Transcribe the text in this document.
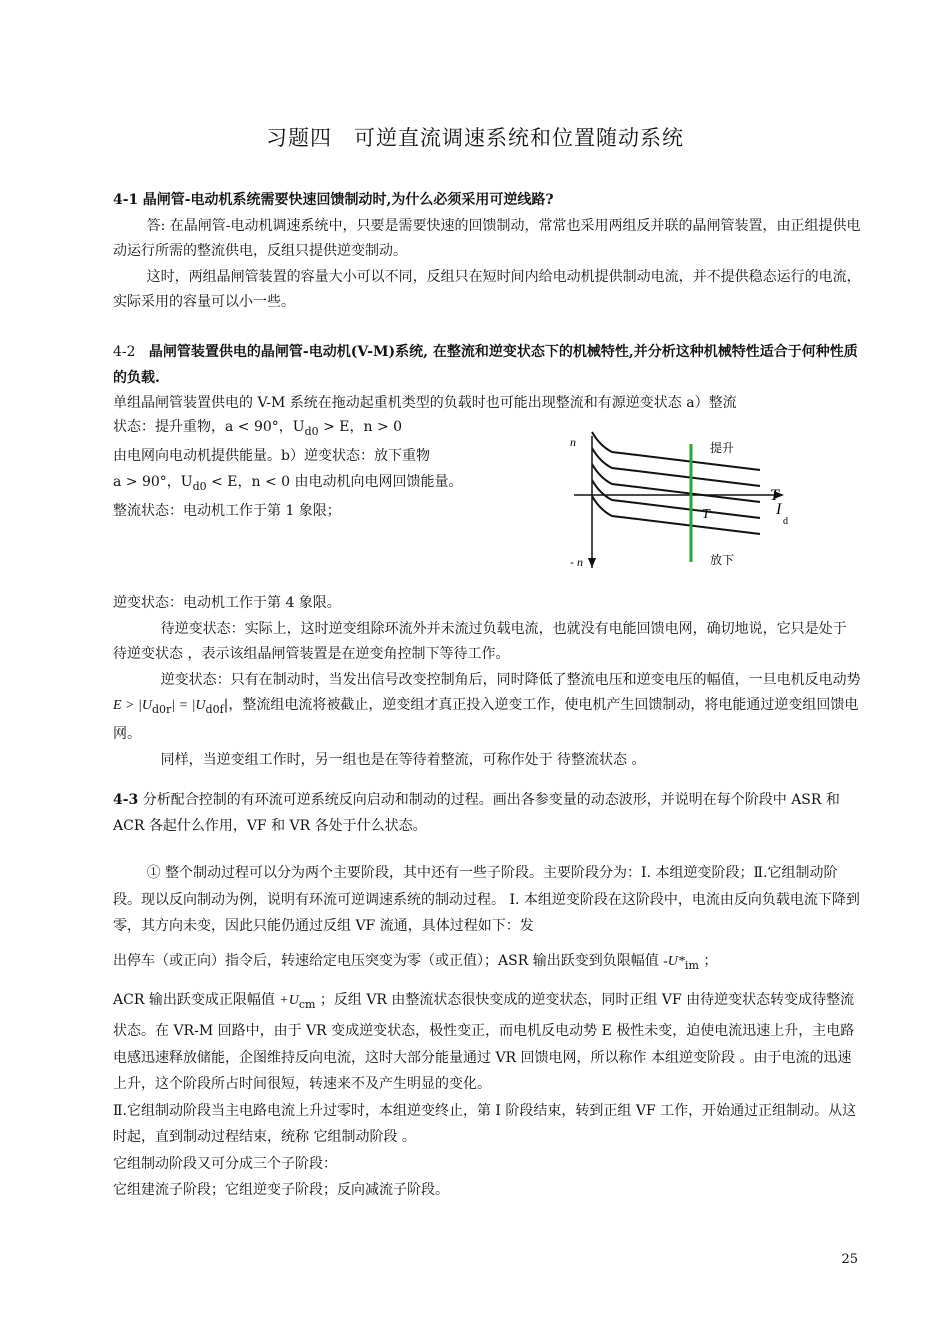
习题四　可逆直流调速系统和位置随动系统

4-1 晶闸管-电动机系统需要快速回馈制动时,为什么必须采用可逆线路?

答: 在晶闸管-电动机调速系统中，只要是需要快速的回馈制动，常常也采用两组反并联的晶闸管装置，由正组提供电动运行所需的整流供电，反组只提供逆变制动。

这时，两组晶闸管装置的容量大小可以不同，反组只在短时间内给电动机提供制动电流，并不提供稳态运行的电流，实际采用的容量可以小一些。

4-2 晶闸管装置供电的晶闸管-电动机(V-M)系统, 在整流和逆变状态下的机械特性,并分析这种机械特性适合于何种性质的负载.

单组晶闸管装置供电的 V-M 系统在拖动起重机类型的负载时也可能出现整流和有源逆变状态 a）整流

状态：提升重物，a < 90°，$U_{d0} > E$，n > 0

由电网向电动机提供能量。b）逆变状态：放下重物

a > 90°，$U_{d0} < E$，n < 0 由电动机向电网回馈能量。

整流状态：电动机工作于第 1 象限；

n
- n
提升
放下
T
T	I
d

逆变状态：电动机工作于第 4 象限。

待逆变状态：实际上，这时逆变组除环流外并未流过负载电流，也就没有电能回馈电网，确切地说，它只是处于 待逆变状态 ，表示该组晶闸管装置是在逆变角控制下等待工作。

逆变状态：只有在制动时，当发出信号改变控制角后，同时降低了整流电压和逆变电压的幅值，一旦电机反电动势 $E > |U_{d0r}| = |U_{d0f}|$，整流组电流将被截止，逆变组才真正投入逆变工作，使电机产生回馈制动，将电能通过逆变组回馈电网。

同样，当逆变组工作时，另一组也是在等待着整流，可称作处于 待整流状态 。

4-3 分析配合控制的有环流可逆系统反向启动和制动的过程。画出各参变量的动态波形，并说明在每个阶段中 ASR 和 ACR 各起什么作用，VF 和 VR 各处于什么状态。

① 整个制动过程可以分为两个主要阶段，其中还有一些子阶段。主要阶段分为：I. 本组逆变阶段；Ⅱ.它组制动阶段。现以反向制动为例，说明有环流可逆调速系统的制动过程。 I. 本组逆变阶段在这阶段中，电流由反向负载电流下降到零，其方向未变，因此只能仍通过反组 VF 流通，具体过程如下：发

出停车（或正向）指令后，转速给定电压突变为零（或正值）；ASR 输出跃变到负限幅值 $-U*_{im}$ ；

ACR 输出跃变成正限幅值 $+U_{cm}$ ；反组 VR 由整流状态很快变成的逆变状态，同时正组 VF 由待逆变状态转变成待整流状态。在 VR-M 回路中，由于 VR 变成逆变状态，极性变正，而电机反电动势 E 极性未变，迫使电流迅速上升，主电路电感迅速释放储能，企图维持反向电流，这时大部分能量通过 VR 回馈电网，所以称作 本组逆变阶段 。由于电流的迅速上升，这个阶段所占时间很短，转速来不及产生明显的变化。

Ⅱ.它组制动阶段当主电路电流上升过零时，本组逆变终止，第 I 阶段结束，转到正组 VF 工作，开始通过正组制动。从这时起，直到制动过程结束，统称 它组制动阶段 。

它组制动阶段又可分成三个子阶段：

它组建流子阶段；它组逆变子阶段；反向减流子阶段。

25
